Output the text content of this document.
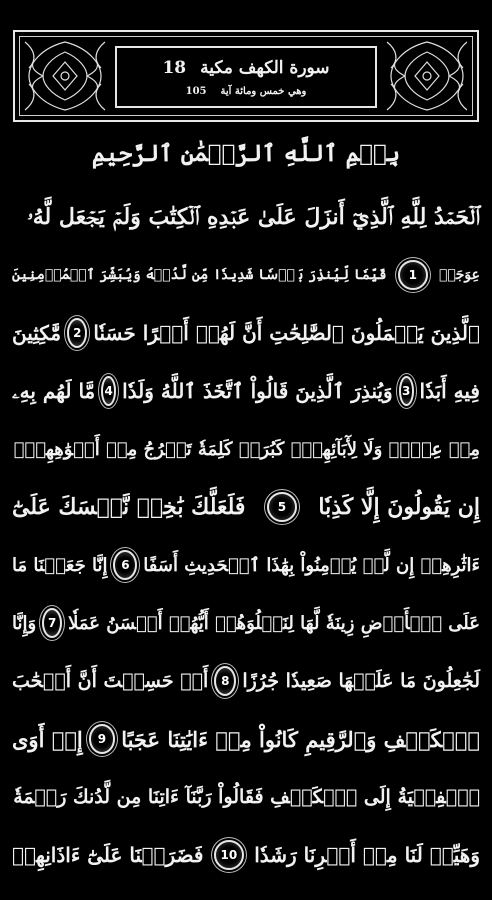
سورة الكهف مكية
18
وهي خمس ومائة آية
105
بِسۡمِ ٱللَّهِ ٱلرَّحۡمَٰنِ ٱلرَّحِيمِ
ٱلۡحَمۡدُ لِلَّهِ ٱلَّذِيٓ أَنزَلَ عَلَىٰ عَبۡدِهِ ٱلۡكِتَٰبَ وَلَمۡ يَجۡعَل لَّهُۥ
عِوَجَاۜ
1
قَيِّمٗا لِّيُنذِرَ بَأۡسٗا شَدِيدٗا مِّن لَّدُنۡهُ وَيُبَشِّرَ ٱلۡمُؤۡمِنِينَ
ٱلَّذِينَ يَعۡمَلُونَ ٱلصَّٰلِحَٰتِ أَنَّ لَهُمۡ أَجۡرًا حَسَنٗا
2
مَّٰكِثِينَ
فِيهِ أَبَدٗا
3
وَيُنذِرَ ٱلَّذِينَ قَالُواْ ٱتَّخَذَ ٱللَّهُ وَلَدٗا
4
مَّا لَهُم بِهِۦ
مِنۡ عِلۡمٖ وَلَا لِأٓبَآئِهِمۡۚ كَبُرَتۡ كَلِمَةٗ تَخۡرُجُ مِنۡ أَفۡوَٰهِهِمۡۚ
إِن يَقُولُونَ إِلَّا كَذِبٗا
5
فَلَعَلَّكَ بَٰخِعٞ نَّفۡسَكَ عَلَىٰٓ
ءَاثَٰرِهِمۡ إِن لَّمۡ يُؤۡمِنُواْ بِهَٰذَا ٱلۡحَدِيثِ أَسَفًا
6
إِنَّا جَعَلۡنَا مَا
عَلَى ٱلۡأَرۡضِ زِينَةٗ لَّهَا لِنَبۡلُوَهُمۡ أَيُّهُمۡ أَحۡسَنُ عَمَلٗا
7
وَإِنَّا
لَجَٰعِلُونَ مَا عَلَيۡهَا صَعِيدٗا جُرُزًا
8
أَمۡ حَسِبۡتَ أَنَّ أَصۡحَٰبَ
ٱلۡكَهۡفِ وَٱلرَّقِيمِ كَانُواْ مِنۡ ءَايَٰتِنَا عَجَبًا
9
إِذۡ أَوَى
ٱلۡفِتۡيَةُ إِلَى ٱلۡكَهۡفِ فَقَالُواْ رَبَّنَآ ءَاتِنَا مِن لَّدُنكَ رَحۡمَةٗ
وَهَيِّئۡ لَنَا مِنۡ أَمۡرِنَا رَشَدٗا
10
فَضَرَبۡنَا عَلَىٰٓ ءَاذَانِهِمۡ
